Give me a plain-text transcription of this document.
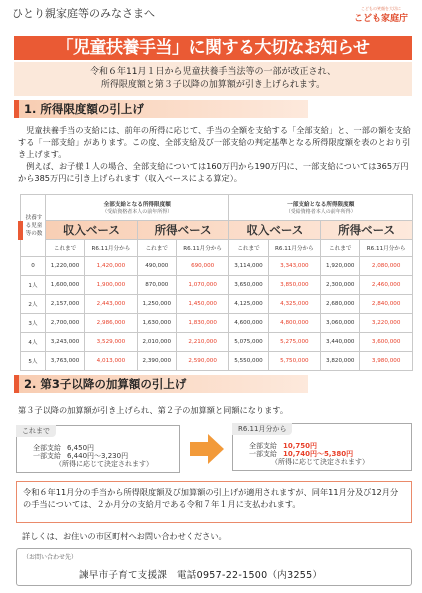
ひとり親家庭等のみなさまへ	こどもの笑顔を大切に
こども家庭庁
「児童扶養手当」に関する大切なお知らせ
令和６年11月１日から児童扶養手当法等の一部が改正され、
所得限度額と第３子以降の加算額が引き上げられます。
1. 所得限度額の引上げ
児童扶養手当の支給には、前年の所得に応じて、手当の全額を支給する「全部支給」と、一部の額を支給する「一部支給」があります。この度、全部支給及び一部支給の判定基準となる所得限度額を表のとおり引き上げます。
例えば、お子様１人の場合、全部支給については160万円から190万円に、一部支給については365万円から385万円に引き上げられます（収入ベースによる算定）。
扶養する児童等の数	全部支給となる所得限度額
（受給資格者本人の前年所得）				一部支給となる所得限度額
（受給資格者本人の前年所得）			

	収入ベース		所得ベース		収入ベース		所得ベース	
	これまで	R6.11月分から	これまで	R6.11月分から	これまで	R6.11月分から	これまで	R6.11月分から
0	1,220,000	1,420,000	490,000	690,000	3,114,000	3,343,000	1,920,000	2,080,000
1人	1,600,000	1,900,000	870,000	1,070,000	3,650,000	3,850,000	2,300,000	2,460,000
2人	2,157,000	2,443,000	1,250,000	1,450,000	4,125,000	4,325,000	2,680,000	2,840,000
3人	2,700,000	2,986,000	1,630,000	1,830,000	4,600,000	4,800,000	3,060,000	3,220,000
4人	3,243,000	3,529,000	2,010,000	2,210,000	5,075,000	5,275,000	3,440,000	3,600,000
5人	3,763,000	4,013,000	2,390,000	2,590,000	5,550,000	5,750,000	3,820,000	3,980,000
2. 第3子以降の加算額の引上げ
第３子以降の加算額が引き上げられ、第２子の加算額と同額になります。
これまで
全部支給 6,450円
一部支給 6,440円～3,230円
（所得に応じて決定されます）
R6.11月分から
全部支給 10,750円
一部支給 10,740円～5,380円
（所得に応じて決定されます）
令和６年11月分の手当から所得限度額及び加算額の引上げが適用されますが、同年11月分及び12月分の手当については、２か月分の支給月である令和７年１月に支払われます。
詳しくは、お住いの市区町村へお問い合わせください。
（お問い合わせ先）
諫早市子育て支援課　電話0957-22-1500（内3255）
